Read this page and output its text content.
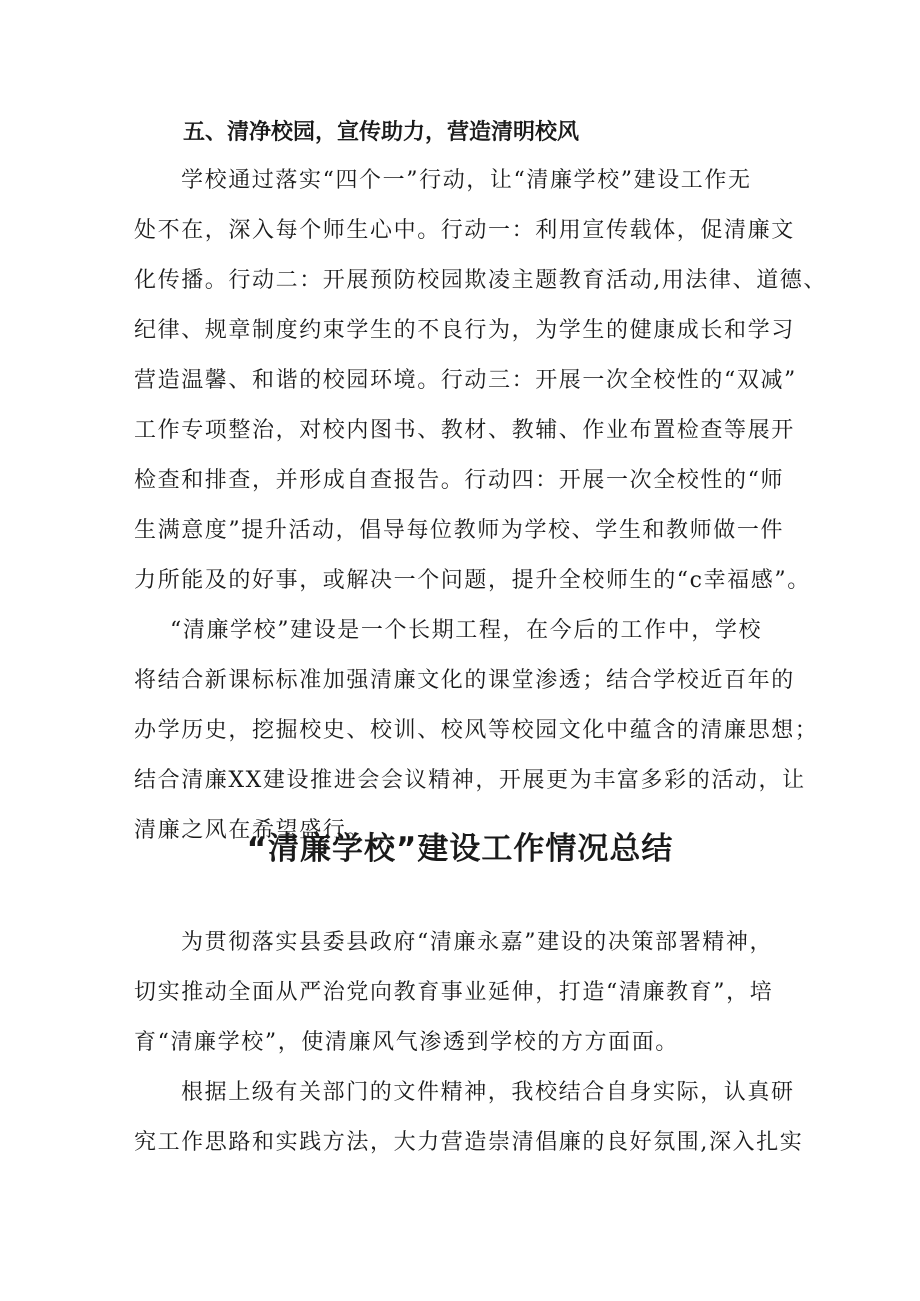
五、清净校园，宣传助力，营造清明校风
学校通过落实“四个一”行动，让“清廉学校”建设工作无
处不在，深入每个师生心中。行动一：利用宣传载体，促清廉文
化传播。行动二：开展预防校园欺凌主题教育活动,用法律、道德、
纪律、规章制度约束学生的不良行为，为学生的健康成长和学习
营造温馨、和谐的校园环境。行动三：开展一次全校性的“双减”
工作专项整治，对校内图书、教材、教辅、作业布置检查等展开
检查和排查，并形成自查报告。行动四：开展一次全校性的“师
生满意度”提升活动，倡导每位教师为学校、学生和教师做一件
力所能及的好事，或解决一个问题，提升全校师生的“c幸福感”。
“清廉学校”建设是一个长期工程，在今后的工作中，学校
将结合新课标标准加强清廉文化的课堂渗透；结合学校近百年的
办学历史，挖掘校史、校训、校风等校园文化中蕴含的清廉思想；
结合清廉XX建设推进会会议精神，开展更为丰富多彩的活动，让
清廉之风在希望盛行。
“清廉学校”建设工作情况总结
为贯彻落实县委县政府“清廉永嘉”建设的决策部署精神，
切实推动全面从严治党向教育事业延伸，打造“清廉教育”，培
育“清廉学校”，使清廉风气渗透到学校的方方面面。
根据上级有关部门的文件精神，我校结合自身实际，认真研
究工作思路和实践方法，大力营造崇清倡廉的良好氛围,深入扎实
